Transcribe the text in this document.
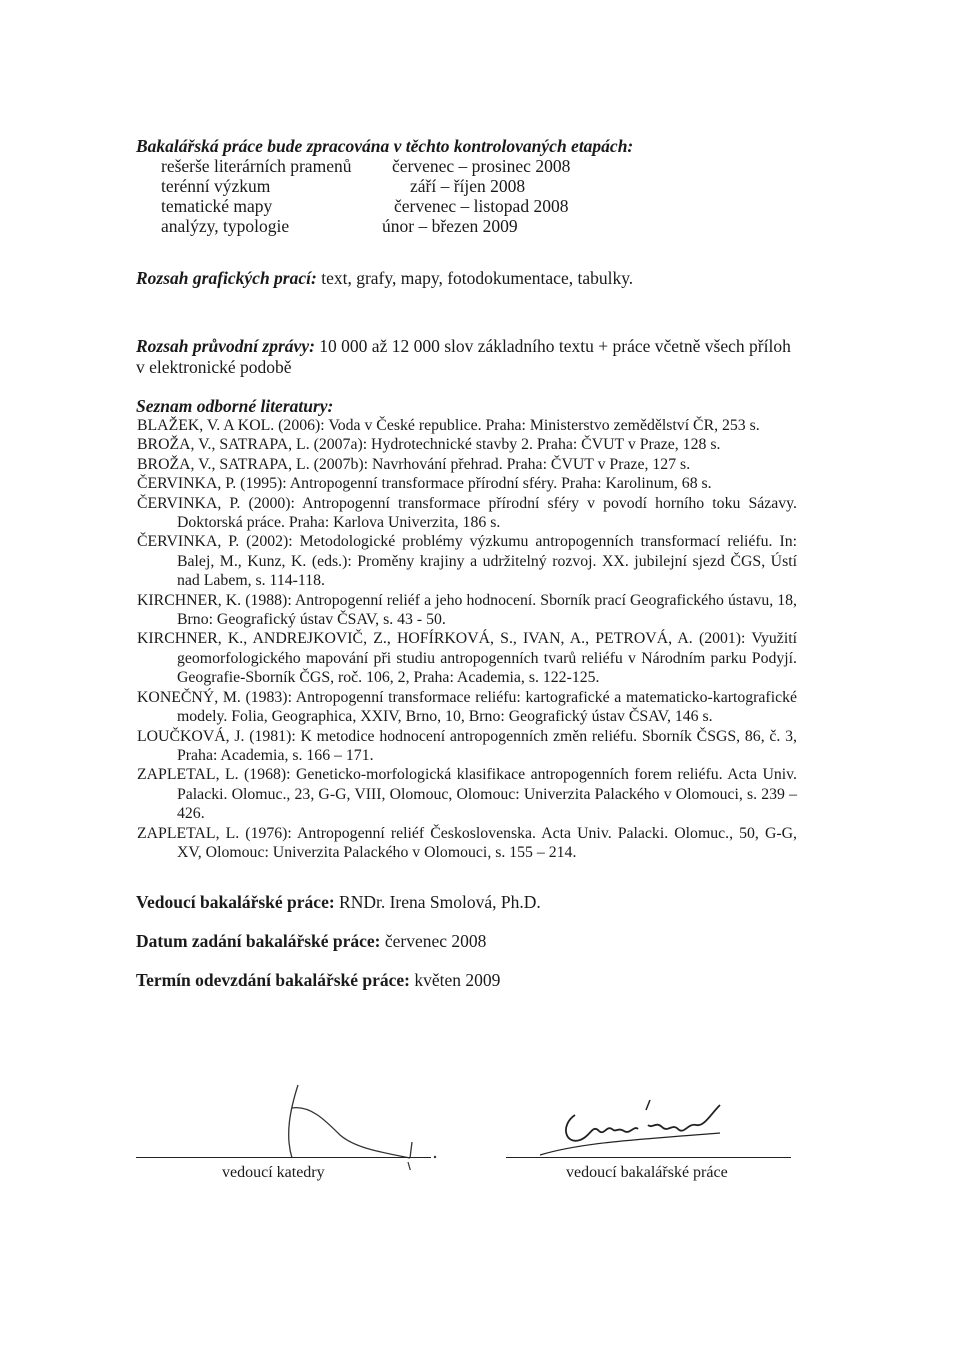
Bakalářská práce bude zpracována v těchto kontrolovaných etapách:
rešerše literárních pramenů červenec – prosinec 2008
terénní výzkum	září – říjen 2008
tematické mapy	červenec – listopad 2008
analýzy, typologie	únor – březen 2009
Rozsah grafických prací: text, grafy, mapy, fotodokumentace, tabulky.
Rozsah průvodní zprávy: 10 000 až 12 000 slov základního textu + práce včetně všech příloh
v elektronické podobě
Seznam odborné literatury:

BLAŽEK, V. A KOL. (2006): Voda v České republice. Praha: Ministerstvo zemědělství ČR, 253 s.

BROŽA, V., SATRAPA, L. (2007a): Hydrotechnické stavby 2. Praha: ČVUT v Praze, 128 s.

BROŽA, V., SATRAPA, L. (2007b): Navrhování přehrad. Praha: ČVUT v Praze, 127 s.

ČERVINKA, P. (1995): Antropogenní transformace přírodní sféry. Praha: Karolinum, 68 s.

ČERVINKA, P. (2000): Antropogenní transformace přírodní sféry v povodí horního toku Sázavy. Doktorská práce. Praha: Karlova Univerzita, 186 s.

ČERVINKA, P. (2002): Metodologické problémy výzkumu antropogenních transformací reliéfu. In: Balej, M., Kunz, K. (eds.): Proměny krajiny a udržitelný rozvoj. XX. jubilejní sjezd ČGS, Ústí nad Labem, s. 114-118.

KIRCHNER, K. (1988): Antropogenní reliéf a jeho hodnocení. Sborník prací Geografického ústavu, 18, Brno: Geografický ústav ČSAV, s. 43 - 50.

KIRCHNER, K., ANDREJKOVIČ, Z., HOFÍRKOVÁ, S., IVAN, A., PETROVÁ, A. (2001): Využití geomorfologického mapování při studiu antropogenních tvarů reliéfu v Národním parku Podyjí. Geografie-Sborník ČGS, roč. 106, 2, Praha: Academia, s. 122-125.

KONEČNÝ, M. (1983): Antropogenní transformace reliéfu: kartografické a matematicko-kartografické modely. Folia, Geographica, XXIV, Brno, 10, Brno: Geografický ústav ČSAV, 146 s.

LOUČKOVÁ, J. (1981): K metodice hodnocení antropogenních změn reliéfu. Sborník ČSGS, 86, č. 3, Praha: Academia, s. 166 – 171.

ZAPLETAL, L. (1968): Geneticko-morfologická klasifikace antropogenních forem reliéfu. Acta Univ. Palacki. Olomuc., 23, G-G, VIII, Olomouc, Olomouc: Univerzita Palackého v Olomouci, s. 239 – 426.

ZAPLETAL, L. (1976): Antropogenní reliéf Československa. Acta Univ. Palacki. Olomuc., 50, G-G, XV, Olomouc: Univerzita Palackého v Olomouci, s. 155 – 214.

Vedoucí bakalářské práce: RNDr. Irena Smolová, Ph.D.
Datum zadání bakalářské práce: červenec 2008
Termín odevzdání bakalářské práce: květen 2009
vedoucí katedry	vedoucí bakalářské práce
